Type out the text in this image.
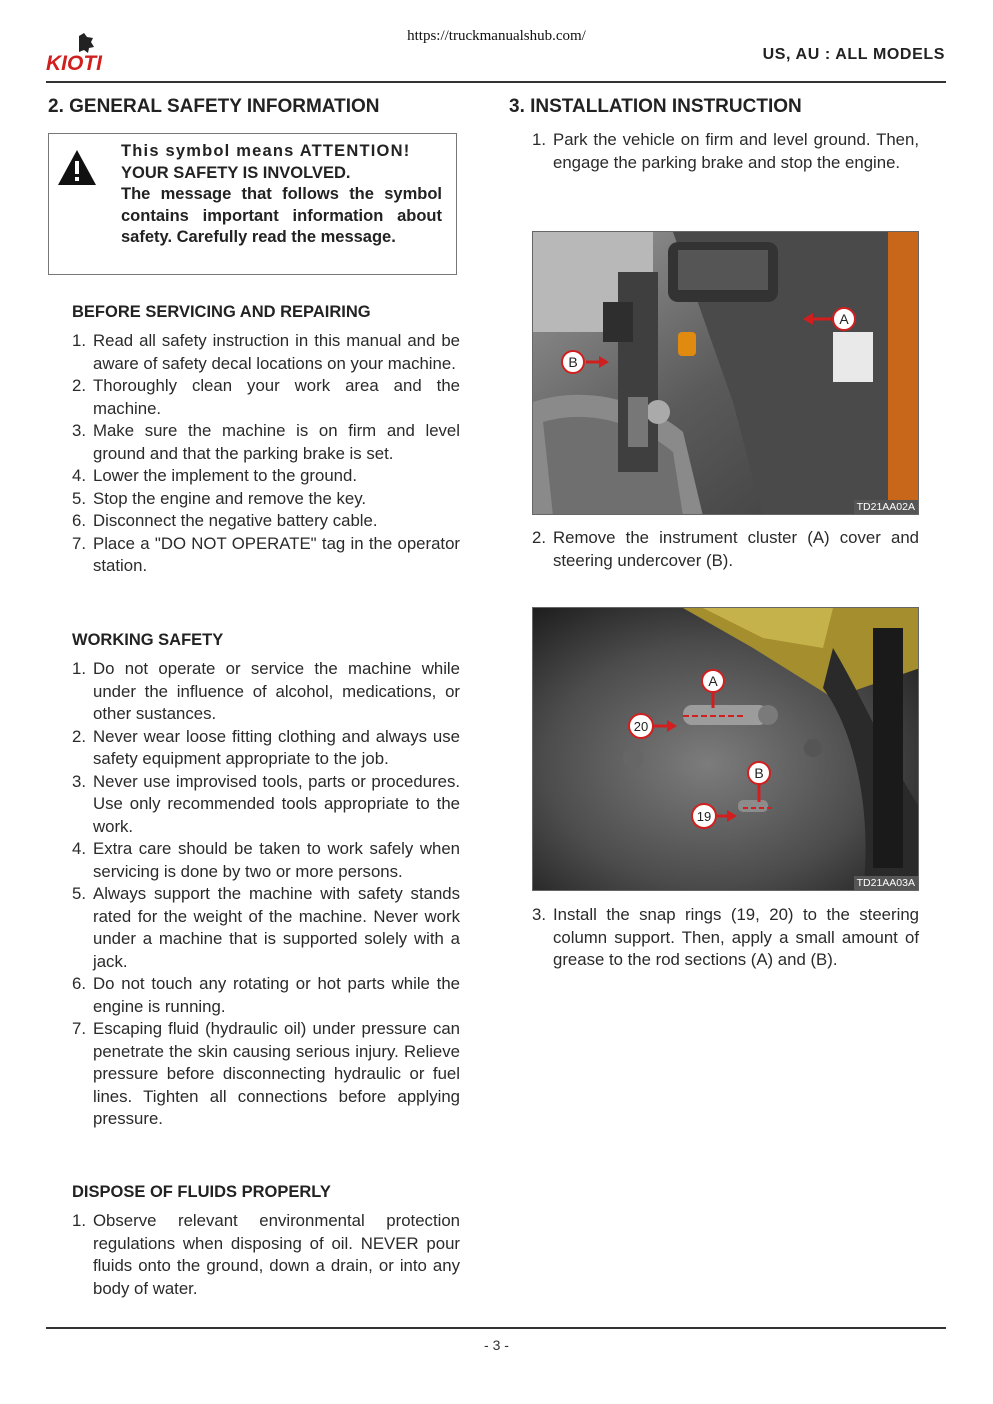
https://truckmanualshub.com/
KIOTI	US, AU : ALL MODELS
2. GENERAL SAFETY INFORMATION
This symbol means ATTENTION!
YOUR SAFETY IS INVOLVED.
The message that follows the symbol contains important information about safety. Carefully read the message.
BEFORE SERVICING AND REPAIRING
1. Read all safety instruction in this manual and be aware of safety decal locations on your machine.
2. Thoroughly clean your work area and the machine.
3. Make sure the machine is on firm and level ground and that the parking brake is set.
4. Lower the implement to the ground.
5. Stop the engine and remove the key.
6. Disconnect the negative battery cable.
7. Place a "DO NOT OPERATE" tag in the operator station.
WORKING SAFETY
1. Do not operate or service the machine while under the influence of alcohol, medications, or other sustances.
2. Never wear loose fitting clothing and always use safety equipment appropriate to the job.
3. Never use improvised tools, parts or procedures. Use only recommended tools appropriate to the work.
4. Extra care should be taken to work safely when servicing is done by two or more persons.
5. Always support the machine with safety stands rated for the weight of the machine. Never work under a machine that is supported solely with a jack.
6. Do not touch any rotating or hot parts while the engine is running.
7. Escaping fluid (hydraulic oil) under pressure can penetrate the skin causing serious injury. Relieve pressure before disconnecting hydraulic or fuel lines. Tighten all connections before applying pressure.
DISPOSE OF FLUIDS PROPERLY
1. Observe relevant environmental protection regulations when disposing of oil. NEVER pour fluids onto the ground, down a drain, or into any body of water.
3. INSTALLATION INSTRUCTION
1. Park the vehicle on firm and level ground. Then, engage the parking brake and stop the engine.
A
B
TD21AA02A
2. Remove the instrument cluster (A) cover and steering undercover (B).
A
20
B
19
TD21AA03A
3. Install the snap rings (19, 20) to the steering column support. Then, apply a small amount of grease to the rod sections (A) and (B).
- 3 -
